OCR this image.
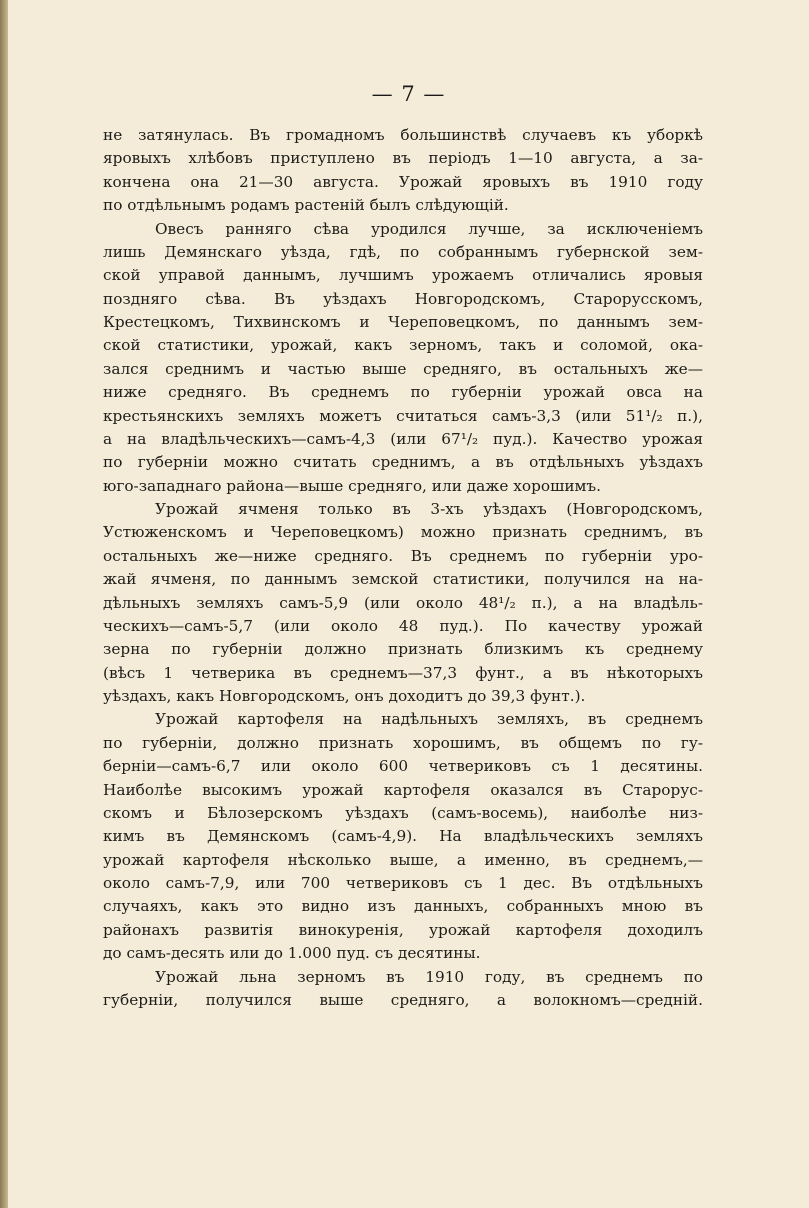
— 7 —
не затянулась. Въ громадномъ большинствѣ случаевъ къ уборкѣ
яровыхъ хлѣбовъ приступлено въ періодъ 1—10 августа, а за-
кончена она 21—30 августа. Урожай яровыхъ въ 1910 году
по отдѣльнымъ родамъ растеній былъ слѣдующій.
Овесъ ранняго сѣва уродился лучше, за исключеніемъ
лишь Демянскаго уѣзда, гдѣ, по собраннымъ губернской зем-
ской управой даннымъ, лучшимъ урожаемъ отличались яровыя
поздняго сѣва. Въ уѣздахъ Новгородскомъ, Старорусскомъ,
Крестецкомъ, Тихвинскомъ и Череповецкомъ, по даннымъ зем-
ской статистики, урожай, какъ зерномъ, такъ и соломой, ока-
зался среднимъ и частью выше средняго, въ остальныхъ же—
ниже средняго. Въ среднемъ по губерніи урожай овса на
крестьянскихъ земляхъ можетъ считаться самъ-3,3 (или 51¹/₂ п.),
а на владѣльческихъ—самъ-4,3 (или 67¹/₂ пуд.). Качество урожая
по губерніи можно считать среднимъ, а въ отдѣльныхъ уѣздахъ
юго-западнаго района—выше средняго, или даже хорошимъ.
Урожай ячменя только въ 3-хъ уѣздахъ (Новгородскомъ,
Устюженскомъ и Череповецкомъ) можно признать среднимъ, въ
остальныхъ же—ниже средняго. Въ среднемъ по губерніи уро-
жай ячменя, по даннымъ земской статистики, получился на на-
дѣльныхъ земляхъ самъ-5,9 (или около 48¹/₂ п.), а на владѣль-
ческихъ—самъ-5,7 (или около 48 пуд.). По качеству урожай
зерна по губерніи должно признать близкимъ къ среднему
(вѣсъ 1 четверика въ среднемъ—37,3 фунт., а въ нѣкоторыхъ
уѣздахъ, какъ Новгородскомъ, онъ доходитъ до 39,3 фунт.).
Урожай картофеля на надѣльныхъ земляхъ, въ среднемъ
по губерніи, должно признать хорошимъ, въ общемъ по гу-
берніи—самъ-6,7 или около 600 четвериковъ съ 1 десятины.
Наиболѣе высокимъ урожай картофеля оказался въ Старорус-
скомъ и Бѣлозерскомъ уѣздахъ (самъ-восемь), наиболѣе низ-
кимъ въ Демянскомъ (самъ-4,9). На владѣльческихъ земляхъ
урожай картофеля нѣсколько выше, а именно, въ среднемъ,—
около самъ-7,9, или 700 четвериковъ съ 1 дес. Въ отдѣльныхъ
случаяхъ, какъ это видно изъ данныхъ, собранныхъ мною въ
районахъ развитія винокуренія, урожай картофеля доходилъ
до самъ-десять или до 1.000 пуд. съ десятины.
Урожай льна зерномъ въ 1910 году, въ среднемъ по
губерніи, получился выше средняго, а волокномъ—средній.
